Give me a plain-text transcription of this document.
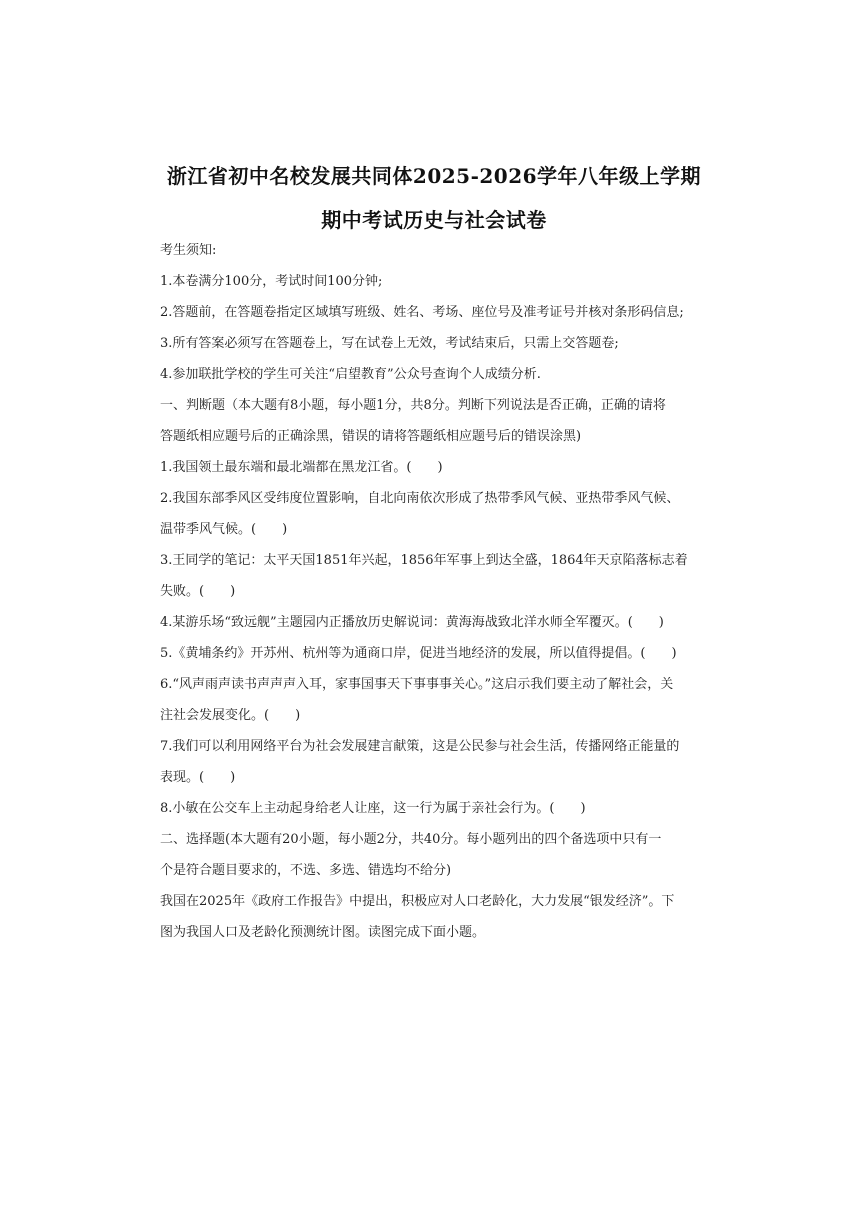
浙江省初中名校发展共同体2025-2026学年八年级上学期
期中考试历史与社会试卷
考生须知:
1.本卷满分100分，考试时间100分钟;
2.答题前，在答题卷指定区域填写班级、姓名、考场、座位号及准考证号并核对条形码信息;
3.所有答案必须写在答题卷上，写在试卷上无效，考试结束后，只需上交答题卷;
4.参加联批学校的学生可关注“启望教育”公众号查询个人成绩分析.
一、判断题（本大题有8小题，每小题1分，共8分。判断下列说法是否正确，正确的请将
答题纸相应题号后的正确涂黑，错误的请将答题纸相应题号后的错误涂黑)
1.我国领土最东端和最北端都在黑龙江省。(　　)
2.我国东部季风区受纬度位置影响，自北向南依次形成了热带季风气候、亚热带季风气候、
温带季风气候。(　　)
3.王同学的笔记：太平天国1851年兴起，1856年军事上到达全盛，1864年天京陷落标志着
失败。(　　)
4.某游乐场“致远舰”主题园内正播放历史解说词：黄海海战致北洋水师全军覆灭。(　　)
5.《黄埔条约》开苏州、杭州等为通商口岸，促进当地经济的发展，所以值得提倡。(　　)
6.“风声雨声读书声声声入耳，家事国事天下事事事关心。”这启示我们要主动了解社会，关
注社会发展变化。(　　)
7.我们可以利用网络平台为社会发展建言献策，这是公民参与社会生活，传播网络正能量的
表现。(　　)
8.小敏在公交车上主动起身给老人让座，这一行为属于亲社会行为。(　　)
二、选择题(本大题有20小题，每小题2分，共40分。每小题列出的四个备选项中只有一
个是符合题目要求的，不选、多选、错选均不给分)
我国在2025年《政府工作报告》中提出，积极应对人口老龄化，大力发展“银发经济”。下
图为我国人口及老龄化预测统计图。读图完成下面小题。
